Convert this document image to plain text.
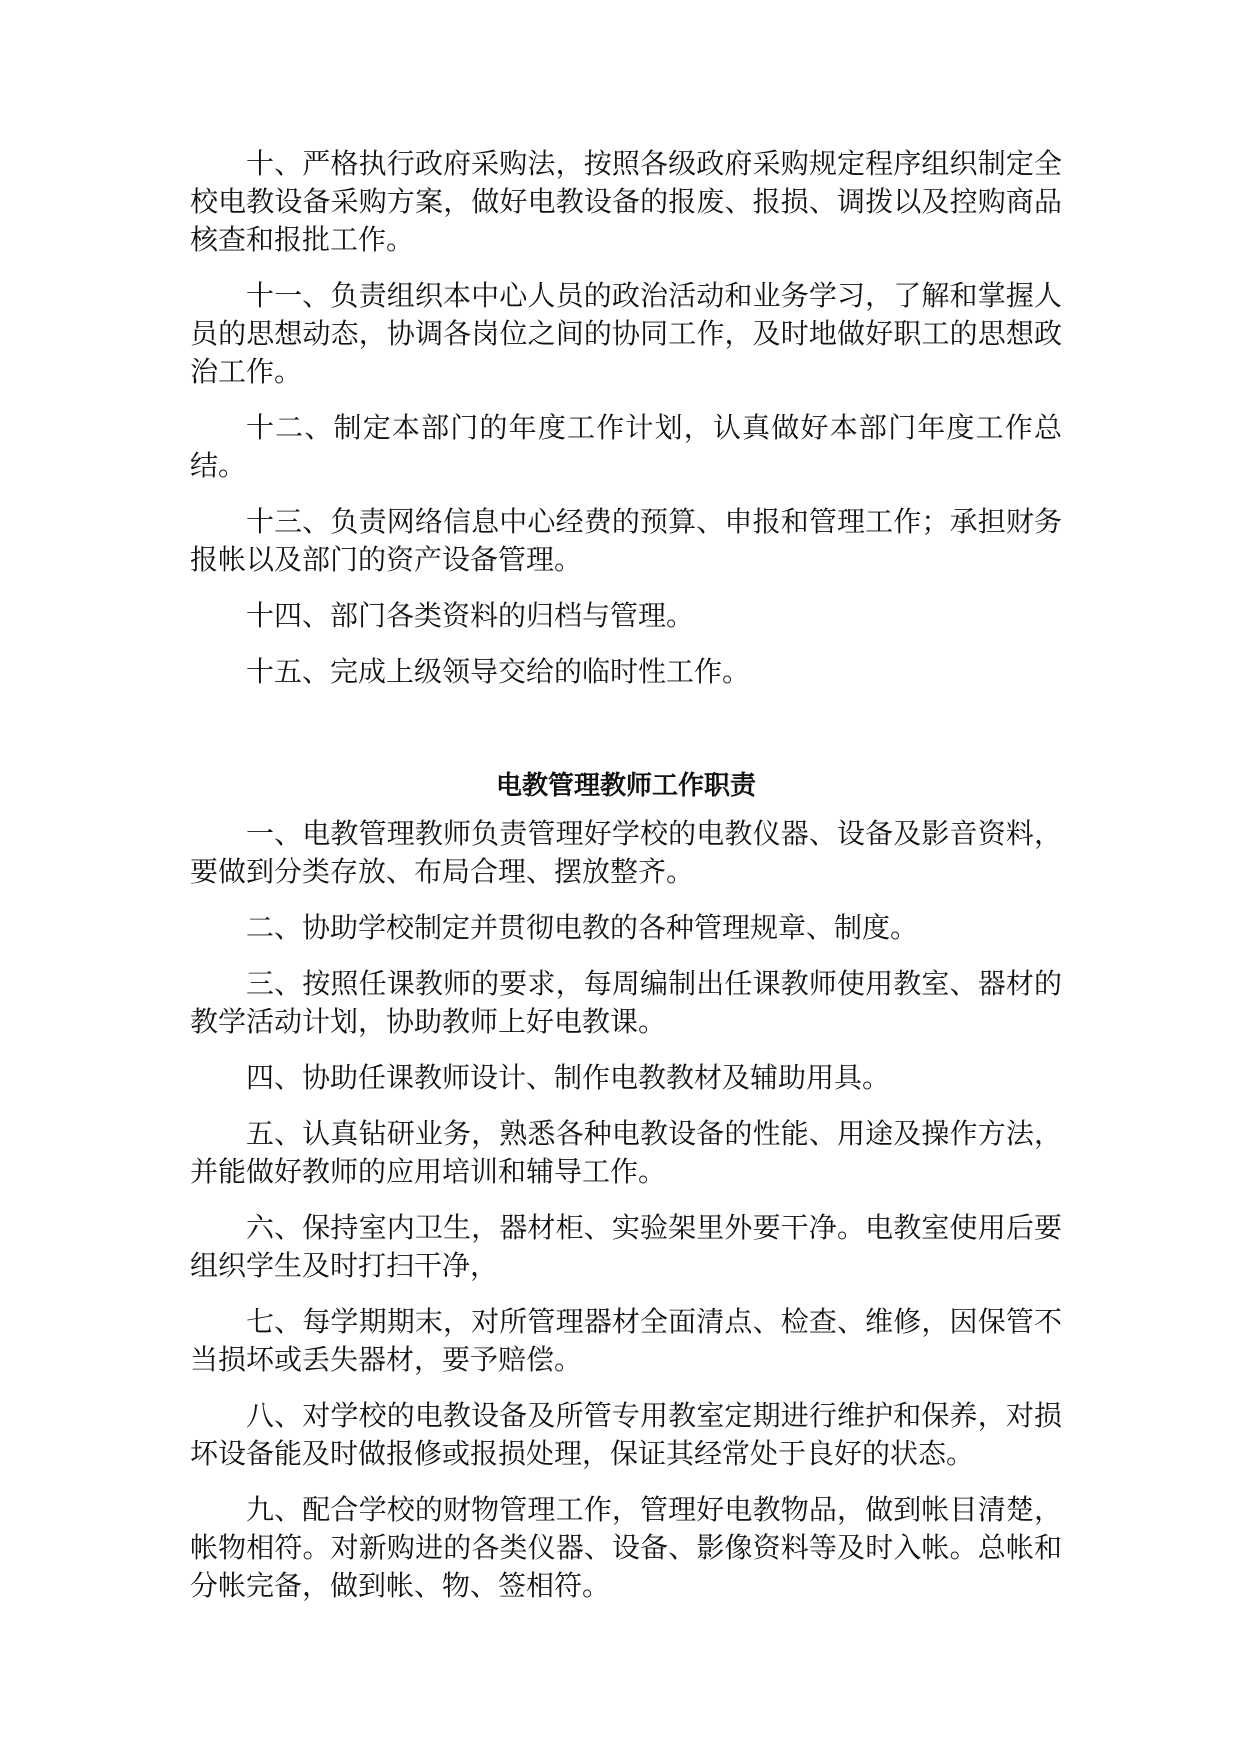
十、严格执行政府采购法，按照各级政府采购规定程序组织制定全校电教设备采购方案，做好电教设备的报废、报损、调拨以及控购商品核查和报批工作。

十一、负责组织本中心人员的政治活动和业务学习，了解和掌握人员的思想动态，协调各岗位之间的协同工作，及时地做好职工的思想政治工作。

十二、制定本部门的年度工作计划，认真做好本部门年度工作总结。

十三、负责网络信息中心经费的预算、申报和管理工作；承担财务报帐以及部门的资产设备管理。

十四、部门各类资料的归档与管理。

十五、完成上级领导交给的临时性工作。

电教管理教师工作职责

一、电教管理教师负责管理好学校的电教仪器、设备及影音资料，要做到分类存放、布局合理、摆放整齐。

二、协助学校制定并贯彻电教的各种管理规章、制度。

三、按照任课教师的要求，每周编制出任课教师使用教室、器材的教学活动计划，协助教师上好电教课。

四、协助任课教师设计、制作电教教材及辅助用具。

五、认真钻研业务，熟悉各种电教设备的性能、用途及操作方法，并能做好教师的应用培训和辅导工作。

六、保持室内卫生，器材柜、实验架里外要干净。电教室使用后要组织学生及时打扫干净，

七、每学期期末，对所管理器材全面清点、检查、维修，因保管不当损坏或丢失器材，要予赔偿。

八、对学校的电教设备及所管专用教室定期进行维护和保养，对损坏设备能及时做报修或报损处理，保证其经常处于良好的状态。

九、配合学校的财物管理工作，管理好电教物品，做到帐目清楚，帐物相符。对新购进的各类仪器、设备、影像资料等及时入帐。总帐和分帐完备，做到帐、物、签相符。
